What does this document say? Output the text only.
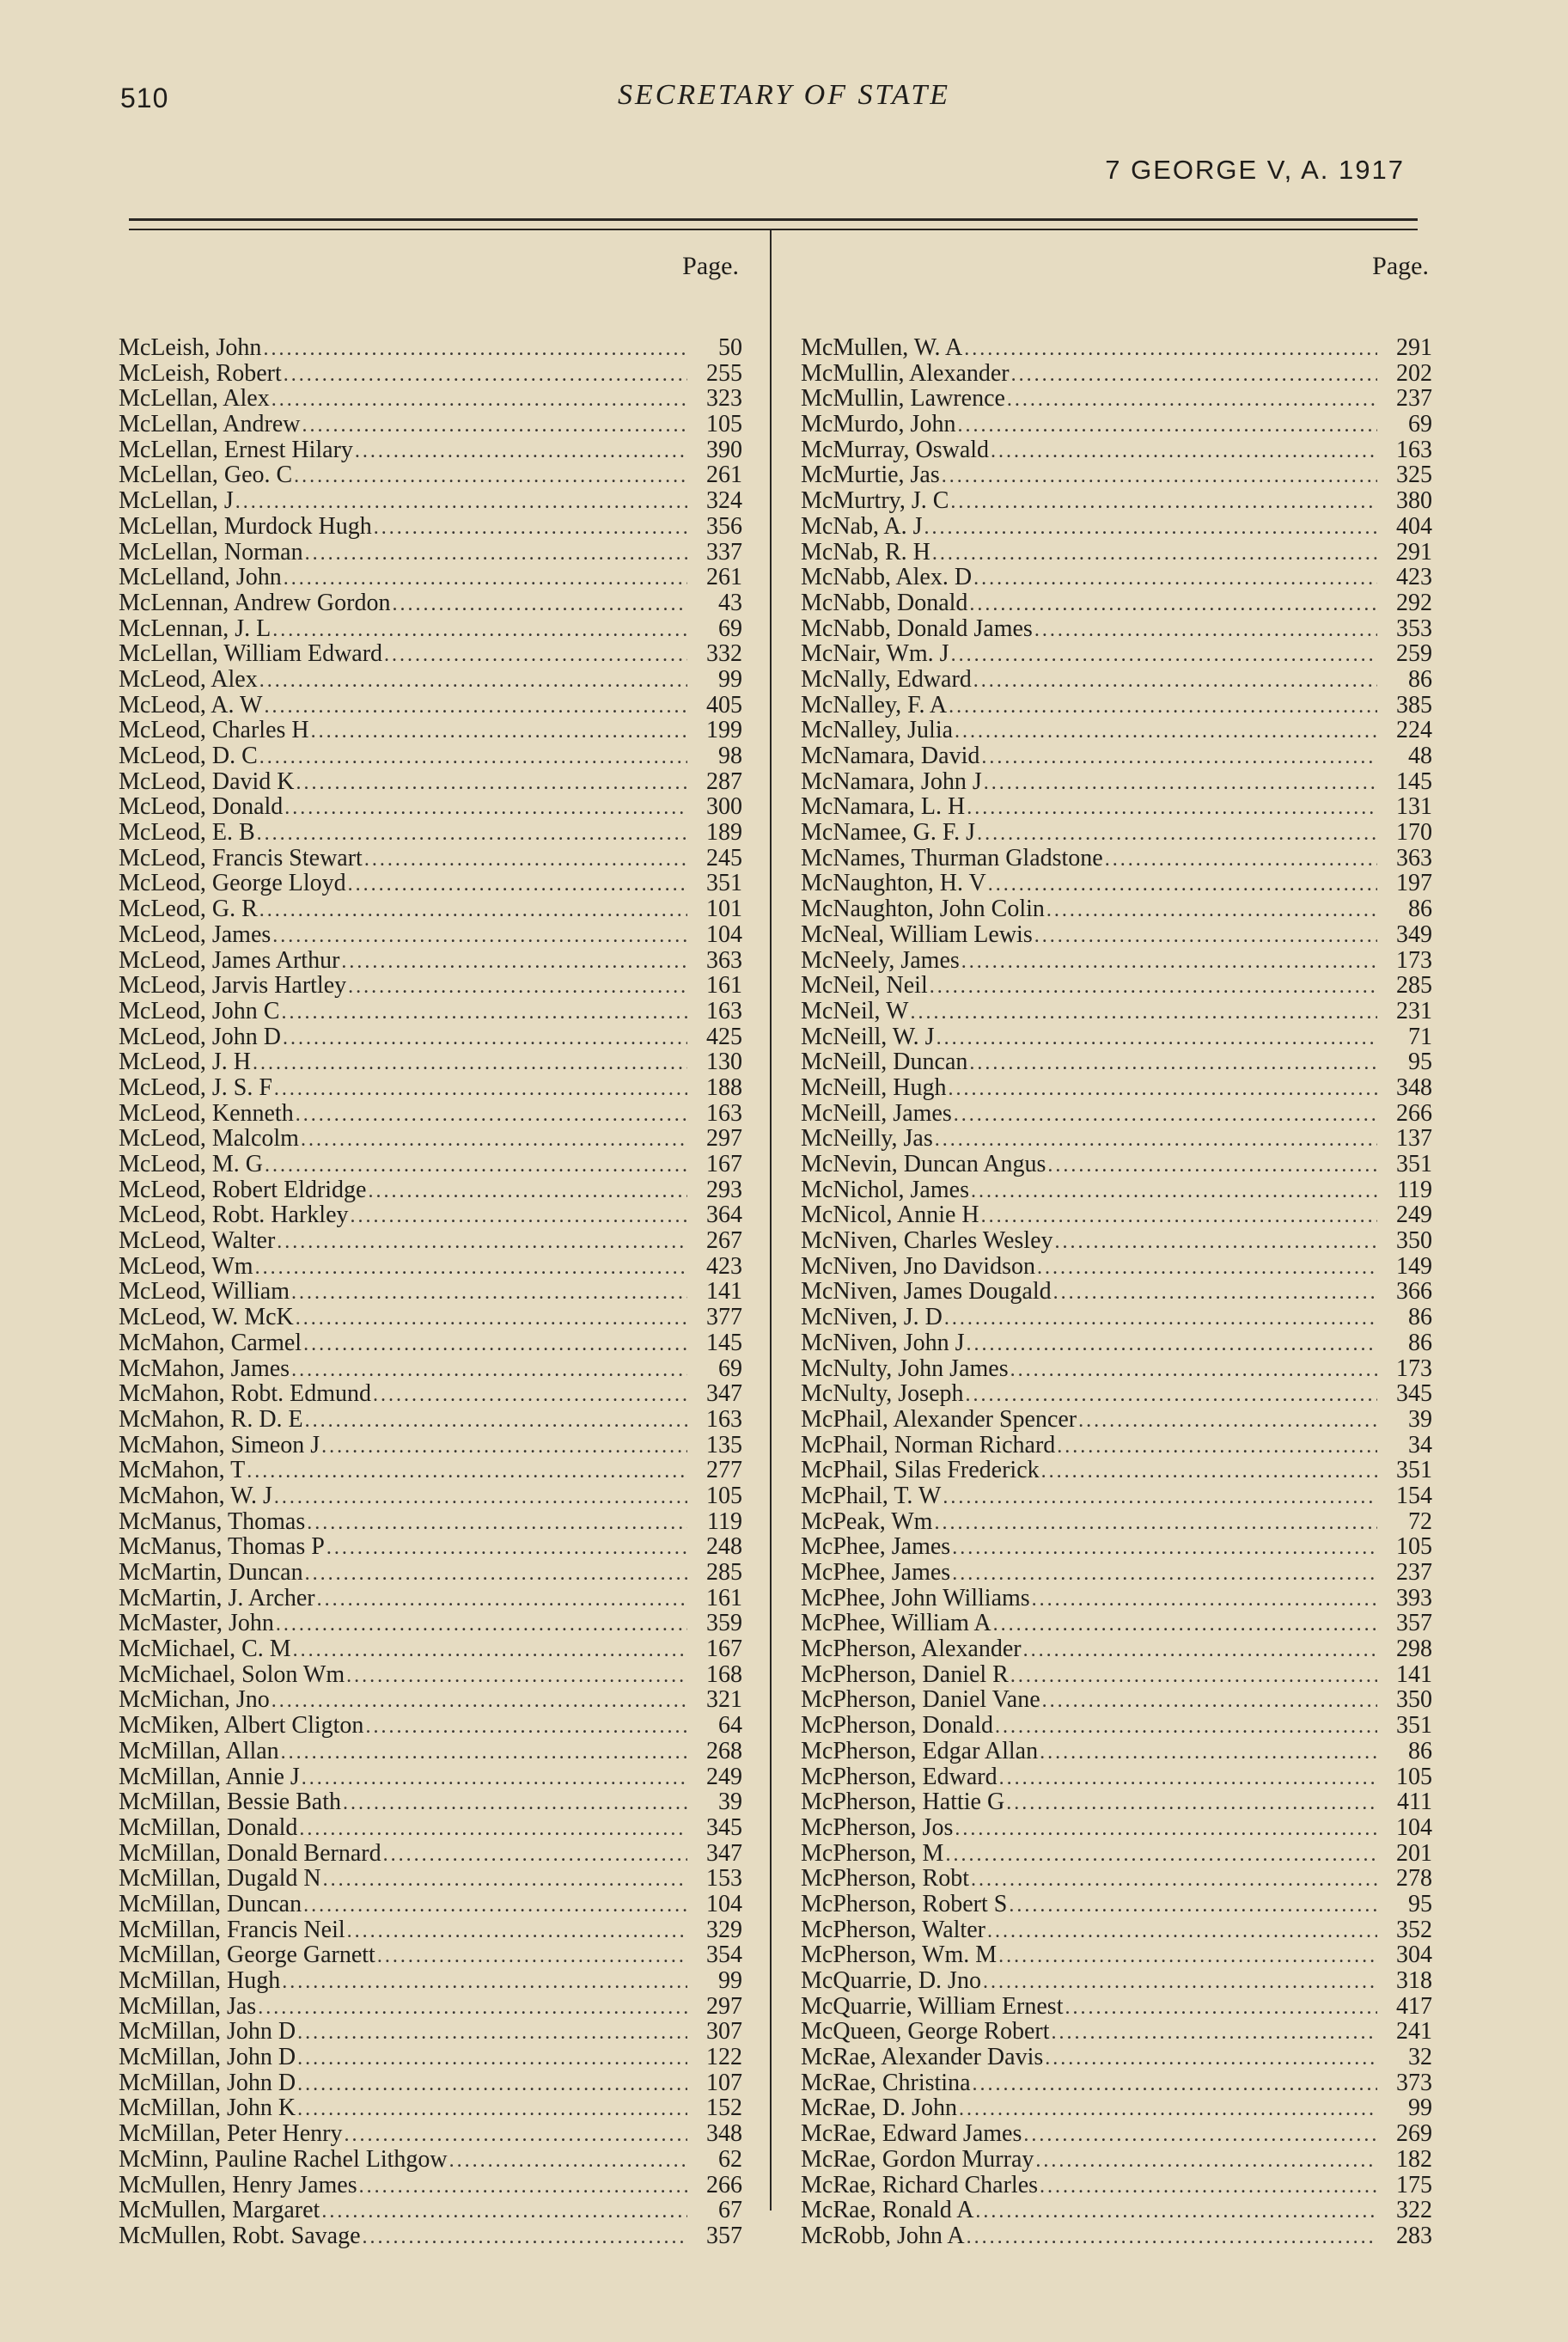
510	SECRETARY OF STATE
7 GEORGE V, A. 1917
Page.
McLeish, John .....	50
McLeish, Robert .....	255
McLellan, Alex .....	323
McLellan, Andrew .....	105
McLellan, Ernest Hilary .....	390
McLellan, Geo. C .....	261
McLellan, J .....	324
McLellan, Murdock Hugh .....	356
McLellan, Norman .....	337
McLelland, John .....	261
McLennan, Andrew Gordon .....	43
McLennan, J. L .....	69
McLellan, William Edward .....	332
McLeod, Alex .....	99
McLeod, A. W .....	405
McLeod, Charles H .....	199
McLeod, D. C .....	98
McLeod, David K .....	287
McLeod, Donald .....	300
McLeod, E. B .....	189
McLeod, Francis Stewart .....	245
McLeod, George Lloyd .....	351
McLeod, G. R .....	101
McLeod, James .....	104
McLeod, James Arthur .....	363
McLeod, Jarvis Hartley .....	161
McLeod, John C .....	163
McLeod, John D .....	425
McLeod, J. H .....	130
McLeod, J. S. F .....	188
McLeod, Kenneth .....	163
McLeod, Malcolm .....	297
McLeod, M. G .....	167
McLeod, Robert Eldridge .....	293
McLeod, Robt. Harkley .....	364
McLeod, Walter .....	267
McLeod, Wm .....	423
McLeod, William .....	141
McLeod, W. McK .....	377
McMahon, Carmel .....	145
McMahon, James .....	69
McMahon, Robt. Edmund .....	347
McMahon, R. D. E .....	163
McMahon, Simeon J .....	135
McMahon, T .....	277
McMahon, W. J .....	105
McManus, Thomas .....	119
McManus, Thomas P .....	248
McMartin, Duncan .....	285
McMartin, J. Archer .....	161
McMaster, John .....	359
McMichael, C. M .....	167
McMichael, Solon Wm .....	168
McMichan, Jno .....	321
McMiken, Albert Cligton .....	64
McMillan, Allan .....	268
McMillan, Annie J .....	249
McMillan, Bessie Bath .....	39
McMillan, Donald .....	345
McMillan, Donald Bernard .....	347
McMillan, Dugald N .....	153
McMillan, Duncan .....	104
McMillan, Francis Neil .....	329
McMillan, George Garnett .....	354
McMillan, Hugh .....	99
McMillan, Jas .....	297
McMillan, John D .....	307
McMillan, John D .....	122
McMillan, John D .....	107
McMillan, John K .....	152
McMillan, Peter Henry .....	348
McMinn, Pauline Rachel Lithgow .....	62
McMullen, Henry James .....	266
McMullen, Margaret .....	67
McMullen, Robt. Savage .....	357
Page.
McMullen, W. A .....	291
McMullin, Alexander .....	202
McMullin, Lawrence .....	237
McMurdo, John .....	69
McMurray, Oswald .....	163
McMurtie, Jas .....	325
McMurtry, J. C .....	380
McNab, A. J .....	404
McNab, R. H .....	291
McNabb, Alex. D .....	423
McNabb, Donald .....	292
McNabb, Donald James .....	353
McNair, Wm. J .....	259
McNally, Edward .....	86
McNalley, F. A .....	385
McNalley, Julia .....	224
McNamara, David .....	48
McNamara, John J .....	145
McNamara, L. H .....	131
McNamee, G. F. J .....	170
McNames, Thurman Gladstone .....	363
McNaughton, H. V .....	197
McNaughton, John Colin .....	86
McNeal, William Lewis .....	349
McNeely, James .....	173
McNeil, Neil .....	285
McNeil, W .....	231
McNeill, W. J .....	71
McNeill, Duncan .....	95
McNeill, Hugh .....	348
McNeill, James .....	266
McNeilly, Jas .....	137
McNevin, Duncan Angus .....	351
McNichol, James .....	119
McNicol, Annie H .....	249
McNiven, Charles Wesley .....	350
McNiven, Jno Davidson .....	149
McNiven, James Dougald .....	366
McNiven, J. D .....	86
McNiven, John J .....	86
McNulty, John James .....	173
McNulty, Joseph .....	345
McPhail, Alexander Spencer .....	39
McPhail, Norman Richard .....	34
McPhail, Silas Frederick .....	351
McPhail, T. W .....	154
McPeak, Wm .....	72
McPhee, James .....	105
McPhee, James .....	237
McPhee, John Williams .....	393
McPhee, William A .....	357
McPherson, Alexander .....	298
McPherson, Daniel R .....	141
McPherson, Daniel Vane .....	350
McPherson, Donald .....	351
McPherson, Edgar Allan .....	86
McPherson, Edward .....	105
McPherson, Hattie G .....	411
McPherson, Jos .....	104
McPherson, M .....	201
McPherson, Robt .....	278
McPherson, Robert S .....	95
McPherson, Walter .....	352
McPherson, Wm. M .....	304
McQuarrie, D. Jno .....	318
McQuarrie, William Ernest .....	417
McQueen, George Robert .....	241
McRae, Alexander Davis .....	32
McRae, Christina .....	373
McRae, D. John .....	99
McRae, Edward James .....	269
McRae, Gordon Murray .....	182
McRae, Richard Charles .....	175
McRae, Ronald A .....	322
McRobb, John A .....	283
